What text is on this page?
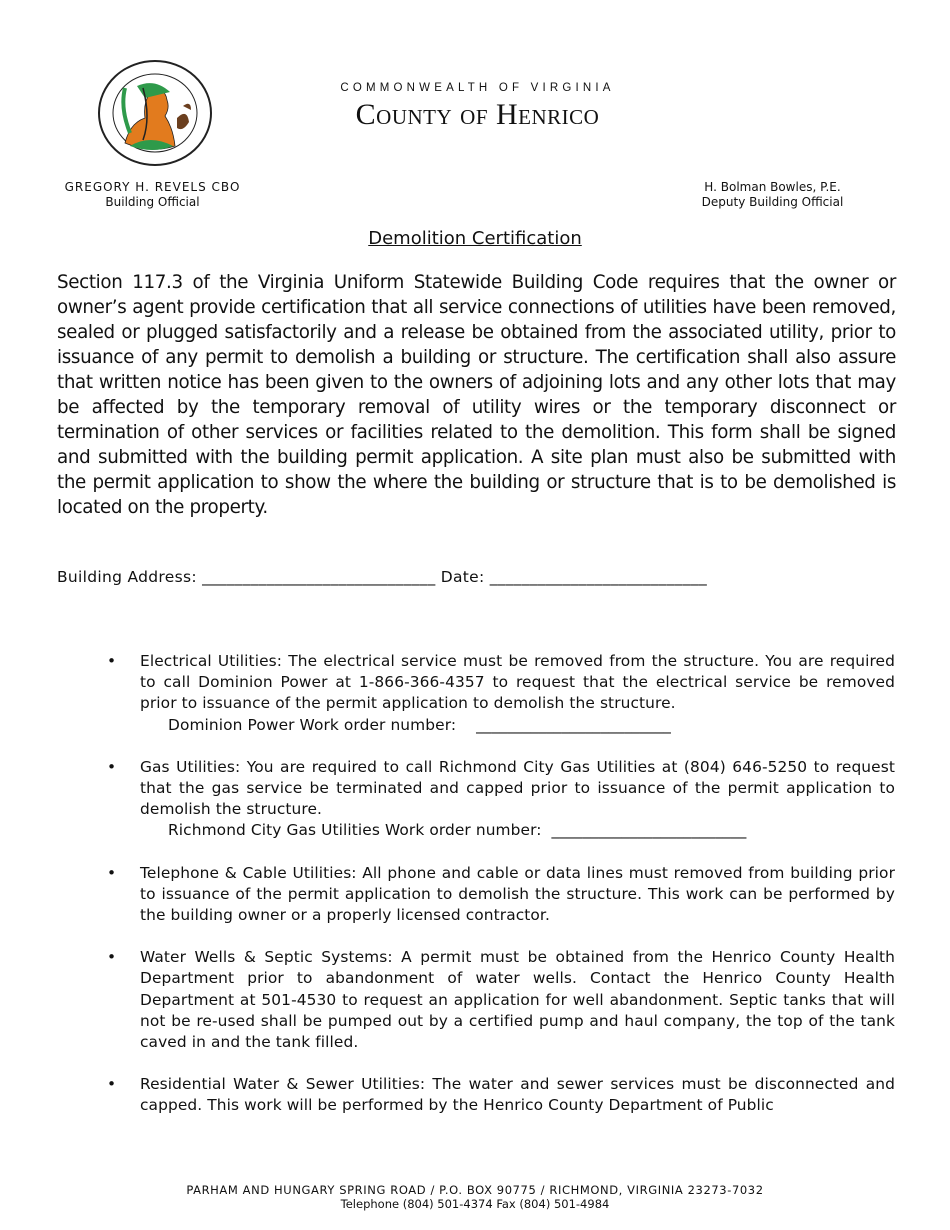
COMMONWEALTH OF VIRGINIA
County of Henrico
GREGORY H. REVELS CBO
Building Official
H. Bolman Bowles, P.E.
Deputy Building Official
Demolition Certification

Section 117.3 of the Virginia Uniform Statewide Building Code requires that the owner or owner’s agent provide certification that all service connections of utilities have been removed, sealed or plugged satisfactorily and a release be obtained from the associated utility, prior to issuance of any permit to demolish a building or structure. The certification shall also assure that written notice has been given to the owners of adjoining lots and any other lots that may be affected by the temporary removal of utility wires or the temporary disconnect or termination of other services or facilities related to the demolition. This form shall be signed and submitted with the building permit application. A site plan must also be submitted with the permit application to show the where the building or structure that is to be demolished is located on the property.

Building Address: _____________________________ Date: ___________________________
• Electrical Utilities: The electrical service must be removed from the structure. You are required to call Dominion Power at 1-866-366-4357 to request that the electrical service be removed prior to issuance of the permit application to demolish the structure.
Dominion Power Work order number:    _________________________
• Gas Utilities: You are required to call Richmond City Gas Utilities at (804) 646-5250 to request that the gas service be terminated and capped prior to issuance of the permit application to demolish the structure.
Richmond City Gas Utilities Work order number:  _________________________
• Telephone & Cable Utilities: All phone and cable or data lines must removed from building prior to issuance of the permit application to demolish the structure. This work can be performed by the building owner or a properly licensed contractor.
• Water Wells & Septic Systems: A permit must be obtained from the Henrico County Health Department prior to abandonment of water wells. Contact the Henrico County Health Department at 501-4530 to request an application for well abandonment. Septic tanks that will not be re-used shall be pumped out by a certified pump and haul company, the top of the tank caved in and the tank filled.
• Residential Water & Sewer Utilities: The water and sewer services must be disconnected and capped. This work will be performed by the Henrico County Department of Public
PARHAM AND HUNGARY SPRING ROAD / P.O. BOX 90775 / RICHMOND, VIRGINIA 23273-7032
Telephone (804) 501-4374 Fax (804) 501-4984
